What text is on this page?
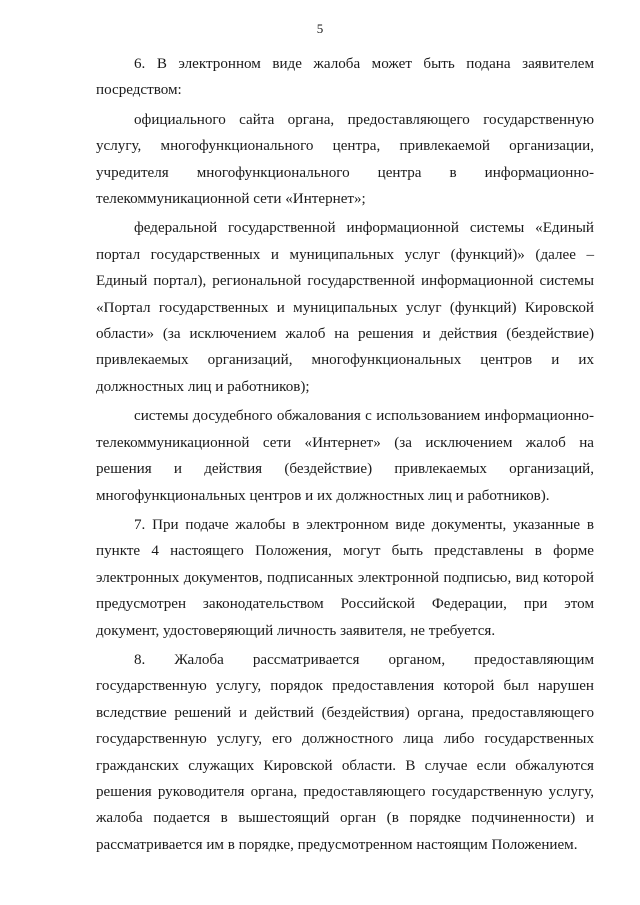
5

6. В электронном виде жалоба может быть подана заявителем посредством:

официального сайта органа, предоставляющего государственную услугу, многофункционального центра, привлекаемой организации, учредителя многофункционального центра в информационно-телекоммуникационной сети «Интернет»;

федеральной государственной информационной системы «Единый портал государственных и муниципальных услуг (функций)» (далее – Единый портал), региональной государственной информационной системы «Портал государственных и муниципальных услуг (функций) Кировской области» (за исключением жалоб на решения и действия (бездействие) привлекаемых организаций, многофункциональных центров и их должностных лиц и работников);

системы досудебного обжалования с использованием информационно-телекоммуникационной сети «Интернет» (за исключением жалоб на решения и действия (бездействие) привлекаемых организаций, многофункциональных центров и их должностных лиц и работников).

7. При подаче жалобы в электронном виде документы, указанные в пункте 4 настоящего Положения, могут быть представлены в форме электронных документов, подписанных электронной подписью, вид которой предусмотрен законодательством Российской Федерации, при этом документ, удостоверяющий личность заявителя, не требуется.

8. Жалоба рассматривается органом, предоставляющим государственную услугу, порядок предоставления которой был нарушен вследствие решений и действий (бездействия) органа, предоставляющего государственную услугу, его должностного лица либо государственных гражданских служащих Кировской области. В случае если обжалуются решения руководителя органа, предоставляющего государственную услугу, жалоба подается в вышестоящий орган (в порядке подчиненности) и рассматривается им в порядке, предусмотренном настоящим Положением.
